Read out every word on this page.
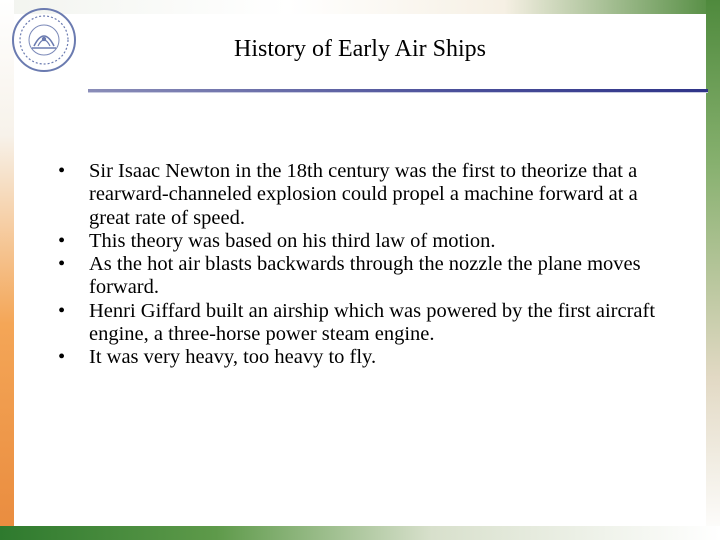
History of Early Air Ships
• Sir Isaac Newton in the 18th century was the first to theorize that a rearward-channeled explosion could propel a machine forward at a great rate of speed.
• This theory was based on his third law of motion.
• As the hot air blasts backwards through the nozzle the plane moves forward.
• Henri Giffard built an airship which was powered by the first aircraft engine, a three-horse power steam engine.
• It was very heavy, too heavy to fly.
